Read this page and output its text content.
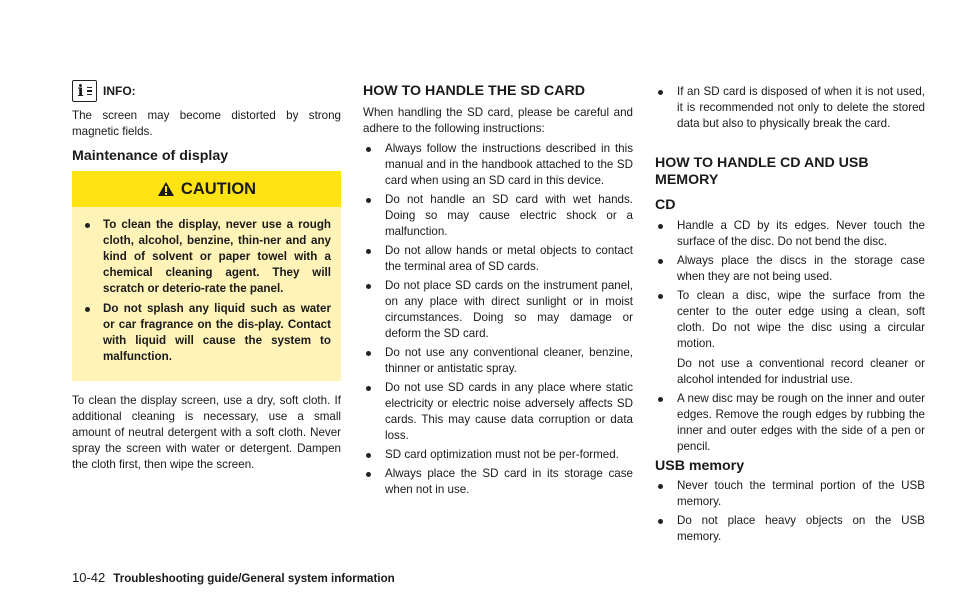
i INFO:

The screen may become distorted by strong magnetic fields.

Maintenance of display
CAUTION
To clean the display, never use a rough cloth, alcohol, benzine, thin-ner and any kind of solvent or paper towel with a chemical cleaning agent. They will scratch or deterio-rate the panel.
Do not splash any liquid such as water or car fragrance on the dis-play. Contact with liquid will cause the system to malfunction.

To clean the display screen, use a dry, soft cloth. If additional cleaning is necessary, use a small amount of neutral detergent with a soft cloth. Never spray the screen with water or detergent. Dampen the cloth first, then wipe the screen.

HOW TO HANDLE THE SD CARD

When handling the SD card, please be careful and adhere to the following instructions:

Always follow the instructions described in this manual and in the handbook attached to the SD card when using an SD card in this device.
Do not handle an SD card with wet hands. Doing so may cause electric shock or a malfunction.
Do not allow hands or metal objects to contact the terminal area of SD cards.
Do not place SD cards on the instrument panel, on any place with direct sunlight or in moist circumstances. Doing so may damage or deform the SD card.
Do not use any conventional cleaner, benzine, thinner or antistatic spray.
Do not use SD cards in any place where static electricity or electric noise adversely affects SD cards. This may cause data corruption or data loss.
SD card optimization must not be per-formed.
Always place the SD card in its storage case when not in use.
If an SD card is disposed of when it is not used, it is recommended not only to delete the stored data but also to physically break the card.
HOW TO HANDLE CD AND USB MEMORY
CD
Handle a CD by its edges. Never touch the surface of the disc. Do not bend the disc.
Always place the discs in the storage case when they are not being used.
To clean a disc, wipe the surface from the center to the outer edge using a clean, soft cloth. Do not wipe the disc using a circular motion.
Do not use a conventional record cleaner or alcohol intended for industrial use.
A new disc may be rough on the inner and outer edges. Remove the rough edges by rubbing the inner and outer edges with the side of a pen or pencil.
USB memory
Never touch the terminal portion of the USB memory.
Do not place heavy objects on the USB memory.
10-42 Troubleshooting guide/General system information
